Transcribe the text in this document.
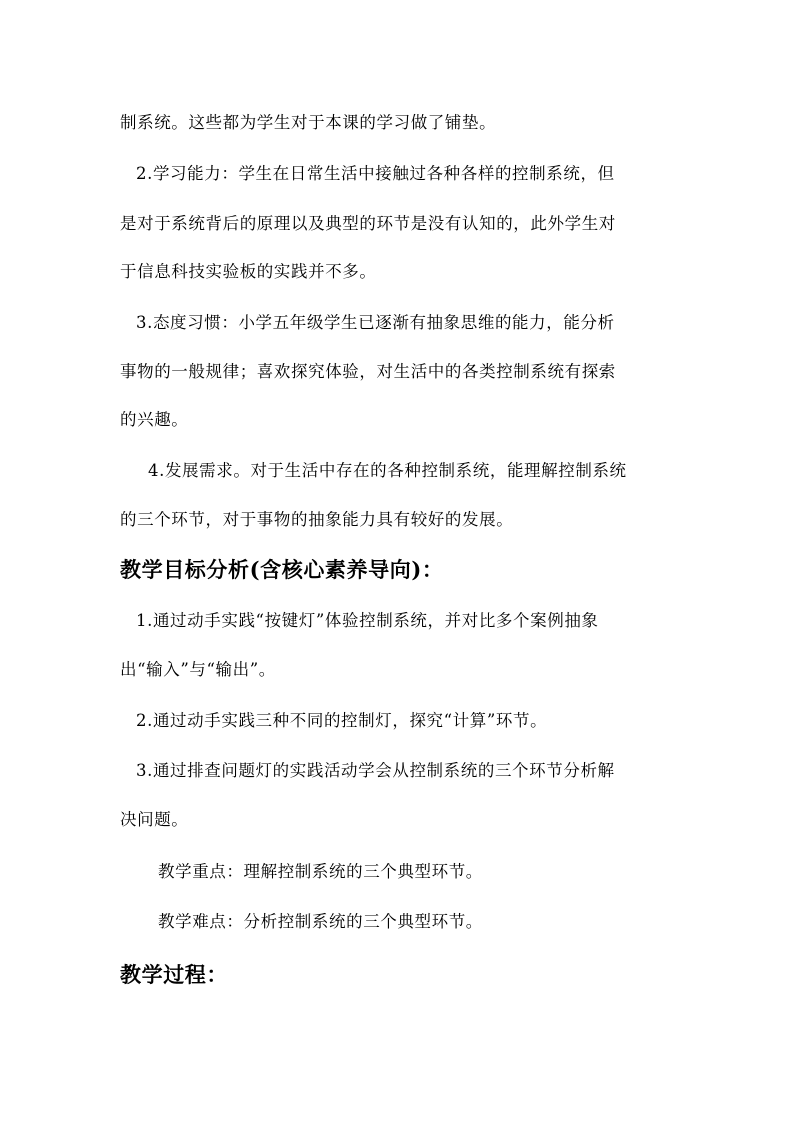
制系统。这些都为学生对于本课的学习做了铺垫。
2.学习能力：学生在日常生活中接触过各种各样的控制系统，但
是对于系统背后的原理以及典型的环节是没有认知的，此外学生对
于信息科技实验板的实践并不多。
3.态度习惯：小学五年级学生已逐渐有抽象思维的能力，能分析
事物的一般规律；喜欢探究体验，对生活中的各类控制系统有探索
的兴趣。
4.发展需求。对于生活中存在的各种控制系统，能理解控制系统
的三个环节，对于事物的抽象能力具有较好的发展。
教学目标分析(含核心素养导向)：
1.通过动手实践“按键灯”体验控制系统，并对比多个案例抽象
出“输入”与“输出”。
2.通过动手实践三种不同的控制灯，探究“计算”环节。
3.通过排查问题灯的实践活动学会从控制系统的三个环节分析解
决问题。
教学重点：理解控制系统的三个典型环节。
教学难点：分析控制系统的三个典型环节。
教学过程：
